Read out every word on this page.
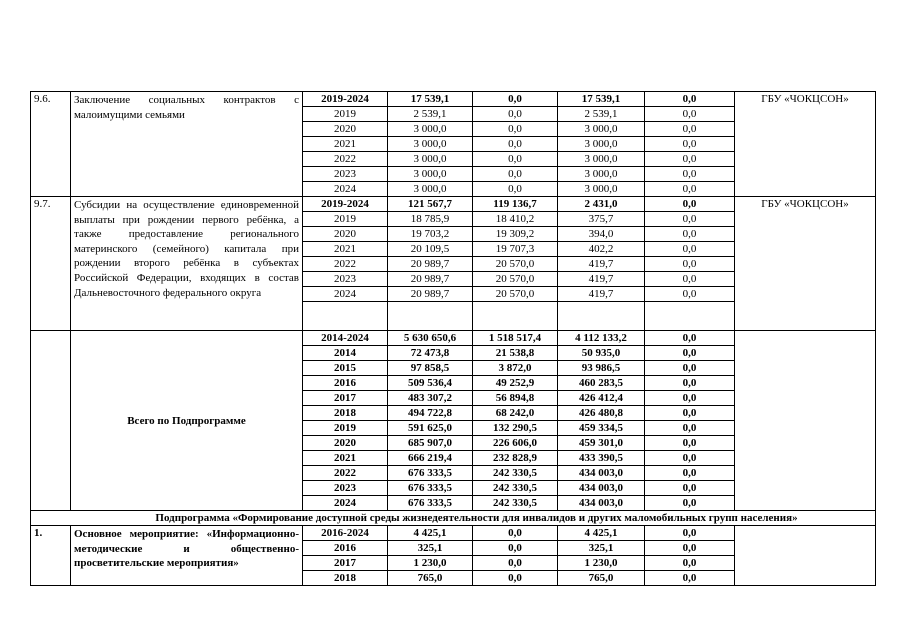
9.6.	Заключение социальных контрактов с малоимущими семьями	2019-2024	17 539,1	0,0	17 539,1	0,0	ГБУ «ЧОКЦСОН»
		2019	2 539,1	0,0	2 539,1	0,0	
		2020	3 000,0	0,0	3 000,0	0,0	
		2021	3 000,0	0,0	3 000,0	0,0	
		2022	3 000,0	0,0	3 000,0	0,0	
		2023	3 000,0	0,0	3 000,0	0,0	
		2024	3 000,0	0,0	3 000,0	0,0	
9.7.	Субсидии на осуществление единовременной выплаты при рождении первого ребёнка, а также предоставление регионального материнского (семейного) капитала при рождении второго ребёнка в субъектах Российской Федерации, входящих в состав Дальневосточного федерального округа	2019-2024	121 567,7	119 136,7	2 431,0	0,0	ГБУ «ЧОКЦСОН»
		2019	18 785,9	18 410,2	375,7	0,0	
		2020	19 703,2	19 309,2	394,0	0,0	
		2021	20 109,5	19 707,3	402,2	0,0	
		2022	20 989,7	20 570,0	419,7	0,0	
		2023	20 989,7	20 570,0	419,7	0,0	
		2024	20 989,7	20 570,0	419,7	0,0	

	Всего по Подпрограмме	2014-2024	5 630 650,6	1 518 517,4	4 112 133,2	0,0	
		2014	72 473,8	21 538,8	50 935,0	0,0	
		2015	97 858,5	3 872,0	93 986,5	0,0	
		2016	509 536,4	49 252,9	460 283,5	0,0	
		2017	483 307,2	56 894,8	426 412,4	0,0	
		2018	494 722,8	68 242,0	426 480,8	0,0	
		2019	591 625,0	132 290,5	459 334,5	0,0	
		2020	685 907,0	226 606,0	459 301,0	0,0	
		2021	666 219,4	232 828,9	433 390,5	0,0	
		2022	676 333,5	242 330,5	434 003,0	0,0	
		2023	676 333,5	242 330,5	434 003,0	0,0	
		2024	676 333,5	242 330,5	434 003,0	0,0	
Подпрограмма «Формирование доступной среды жизнедеятельности для инвалидов и других маломобильных групп населения»							
1.	Основное мероприятие: «Информационно-методические и общественно-просветительские мероприятия»	2016-2024	4 425,1	0,0	4 425,1	0,0	
		2016	325,1	0,0	325,1	0,0	
		2017	1 230,0	0,0	1 230,0	0,0	
		2018	765,0	0,0	765,0	0,0	
